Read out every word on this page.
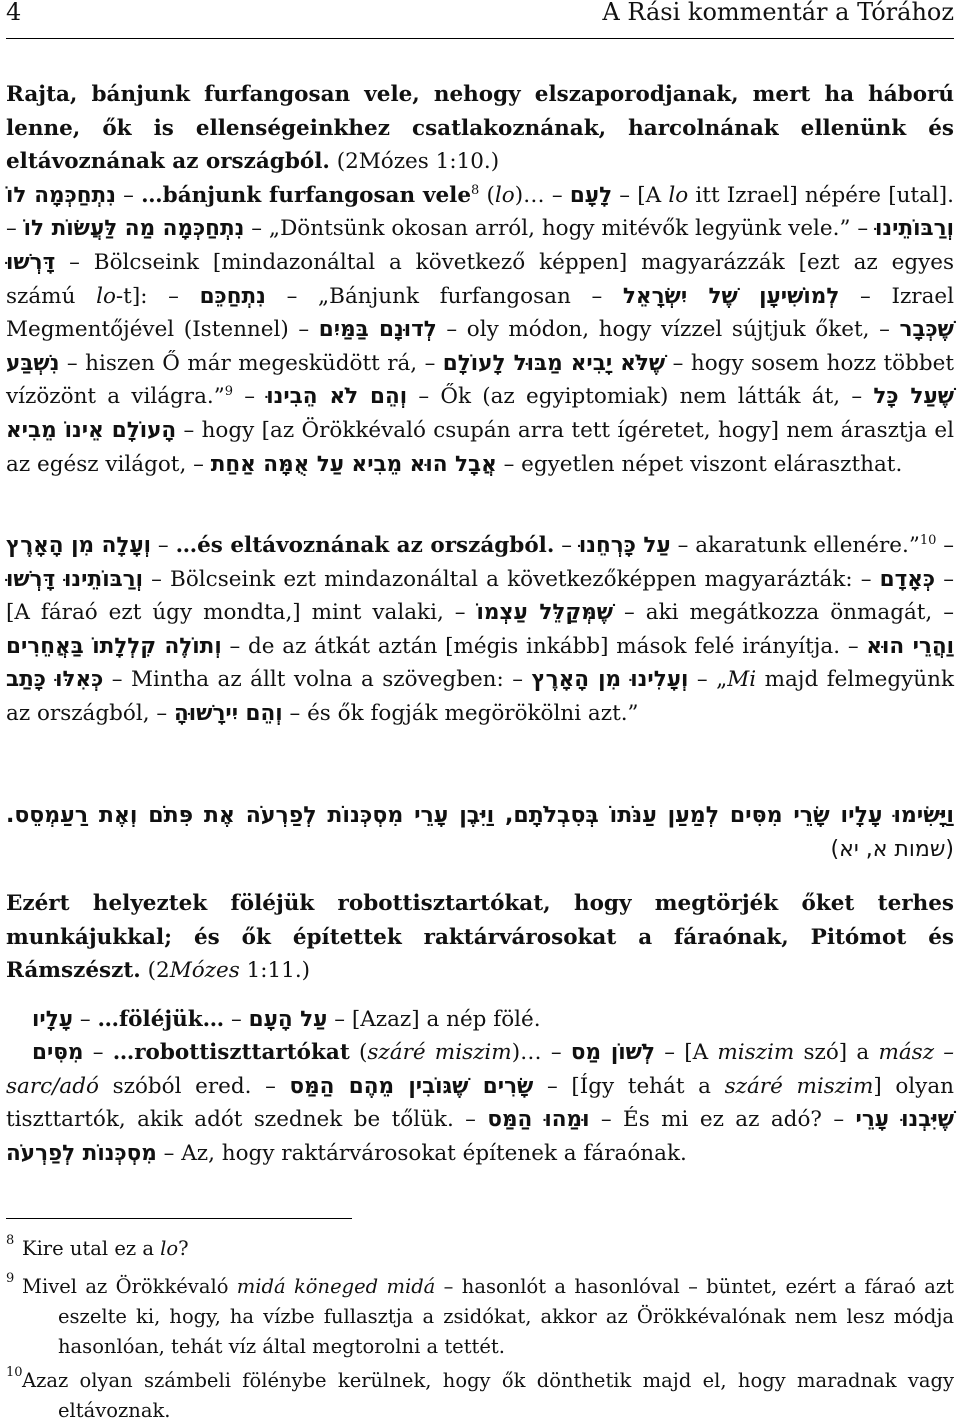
4	A Rási kommentár a Tórához
Rajta, bánjunk furfangosan vele, nehogy elszaporodjanak, mert ha háború lenne, ők is ellenségeinkhez csatlakoznának, harcolnának ellenünk és eltávoznának az országból. (2Mózes 1:10.)
נִתְחַכְּמָה לוֹ – …bánjunk furfangosan vele$^8$ (lo)… – לָעָם – [A lo itt Izrael] népére [utal]. – נִתְחַכְּמָה מַה לַּעֲשׂוֹת לוֹ – „Döntsünk okosan arról, hogy mitévők legyünk vele.” – וְרַבּוֹתֵינוּ דָּרְשׁוּ – Bölcseink [mindazonáltal a következő képpen] magyarázzák [ezt az egyes számú lo-t]: – נִתְחַכֵּם – „Bánjunk furfangosan – לְמוֹשִׁיעָן שֶׁל יִשְׂרָאֵל – Izrael Megmentőjével (Istennel) – לְדוּנָם בַּמַּיִם – oly módon, hogy vízzel sújtjuk őket, – שֶׁכְּבָר נִשְׁבַּע – hiszen Ő már megesküdött rá, – שֶׁלֹּא יָבִיא מַבּוּל לָעוֹלָם – hogy sosem hozz többet vízözönt a világra.”$^9$ – וְהֵם לֹא הֵבִינוּ – Ők (az egyiptomiak) nem látták át, – שֶׁעַל כָּל הָעוֹלָם אֵינוֹ מֵבִיא – hogy [az Örökkévaló csupán arra tett ígéretet, hogy] nem árasztja el az egész világot, – אֲבָל הוּא מֵבִיא עַל אֻמָּה אַחַת – egyetlen népet viszont eláraszthat.
וְעָלָה מִן הָאָרֶץ – …és eltávoznának az országból. – עַל כָּרְחֵנוּ – akaratunk ellenére.”$^{10}$ – וְרַבּוֹתֵינוּ דָּרְשׁוּ – Bölcseink ezt mindazonáltal a következőképpen magyarázták: – כְּאָדָם – [A fáraó ezt úgy mondta,] mint valaki, – שֶׁמְּקַלֵּל עַצְמוֹ – aki megátkozza önmagát, – וְתוֹלֶה קִלְלָתוֹ בַּאֲחֵרִים – de az átkát aztán [mégis inkább] mások felé irányítja. – וַהֲרֵי הוּא כְּאִלּוּ כָּתַב – Mintha az állt volna a szövegben: – וְעָלִינוּ מִן הָאָרֶץ – „Mi majd felmegyünk az országból, – וְהֵם יִירָשׁוּהָ – és ők fogják megörökölni azt.”
וַיָּשִׂימוּ עָלָיו שָׂרֵי מִסִּים לְמַעַן עַנֹּתוֹ בְּסִבְלֹתָם, וַיִּבֶן עָרֵי מִסְכְּנוֹת לְפַרְעֹה אֶת פִּתֹם וְאֶת רַעַמְסֵס. (שמות א, יא)
Ezért helyeztek föléjük robottisztartókat, hogy megtörjék őket terhes munkájukkal; és ők építettek raktárvárosokat a fáraónak, Pitómot és Rámszészt. (2Mózes 1:11.)
עָלָיו – …föléjük… – עַל הָעָם – [Azaz] a nép fölé.
מִסִּים – …robottiszttartókat (száré miszim)… – לְשׁוֹן מַס – [A miszim szó] a mász – sarc/adó szóból ered. – שָׂרִים שֶׁגּוֹבִין מֵהֶם הַמַּס – [Így tehát a száré miszim] olyan tiszttartók, akik adót szednek be tőlük. – וּמַהוּ הַמַּס – És mi ez az adó? – שֶׁיִּבְנוּ עָרֵי מִסְכְּנוֹת לְפַרְעֹה – Az, hogy raktárvárosokat építenek a fáraónak.
8 Kire utal ez a lo?
9 Mivel az Örökkévaló midá köneged midá – hasonlót a hasonlóval – büntet, ezért a fáraó azt eszelte ki, hogy, ha vízbe fullasztja a zsidókat, akkor az Örökkévalónak nem lesz módja hasonlóan, tehát víz által megtorolni a tettét.
10 Azaz olyan számbeli fölénybe kerülnek, hogy ők dönthetik majd el, hogy maradnak vagy eltávoznak.
